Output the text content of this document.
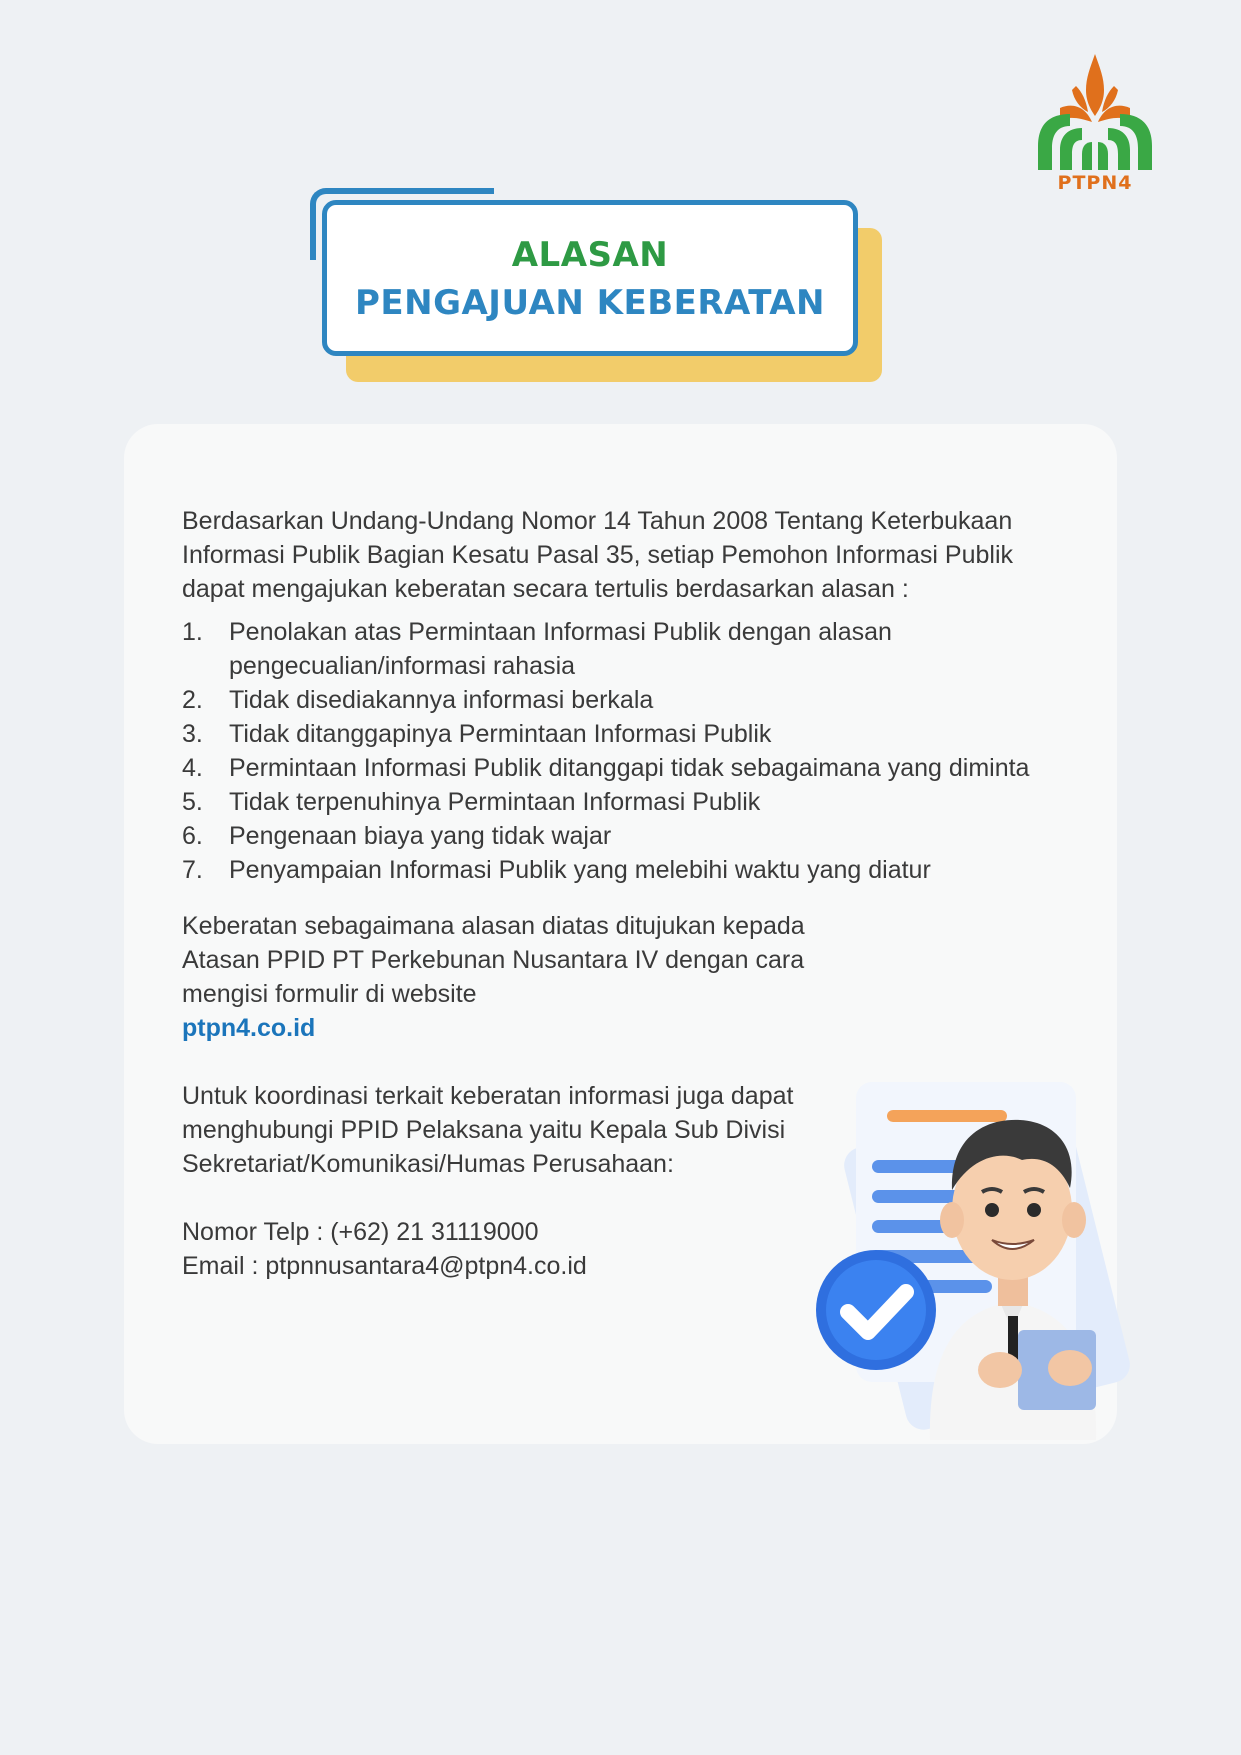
PTPN4
ALASAN
PENGAJUAN KEBERATAN

Berdasarkan Undang-Undang Nomor 14 Tahun 2008 Tentang Keterbukaan Informasi Publik Bagian Kesatu Pasal 35, setiap Pemohon Informasi Publik dapat mengajukan keberatan secara tertulis berdasarkan alasan :

1. Penolakan atas Permintaan Informasi Publik dengan alasan pengecualian/informasi rahasia
2. Tidak disediakannya informasi berkala
3. Tidak ditanggapinya Permintaan Informasi Publik
4. Permintaan Informasi Publik ditanggapi tidak sebagaimana yang diminta
5. Tidak terpenuhinya Permintaan Informasi Publik
6. Pengenaan biaya yang tidak wajar
7. Penyampaian Informasi Publik yang melebihi waktu yang diatur

Keberatan sebagaimana alasan diatas ditujukan kepada Atasan PPID PT Perkebunan Nusantara IV dengan cara mengisi formulir di website
ptpn4.co.id

Untuk koordinasi terkait keberatan informasi juga dapat menghubungi PPID Pelaksana yaitu Kepala Sub Divisi Sekretariat/Komunikasi/Humas Perusahaan:

Nomor Telp : (+62) 21 31119000

Email : ptpnnusantara4@ptpn4.co.id
